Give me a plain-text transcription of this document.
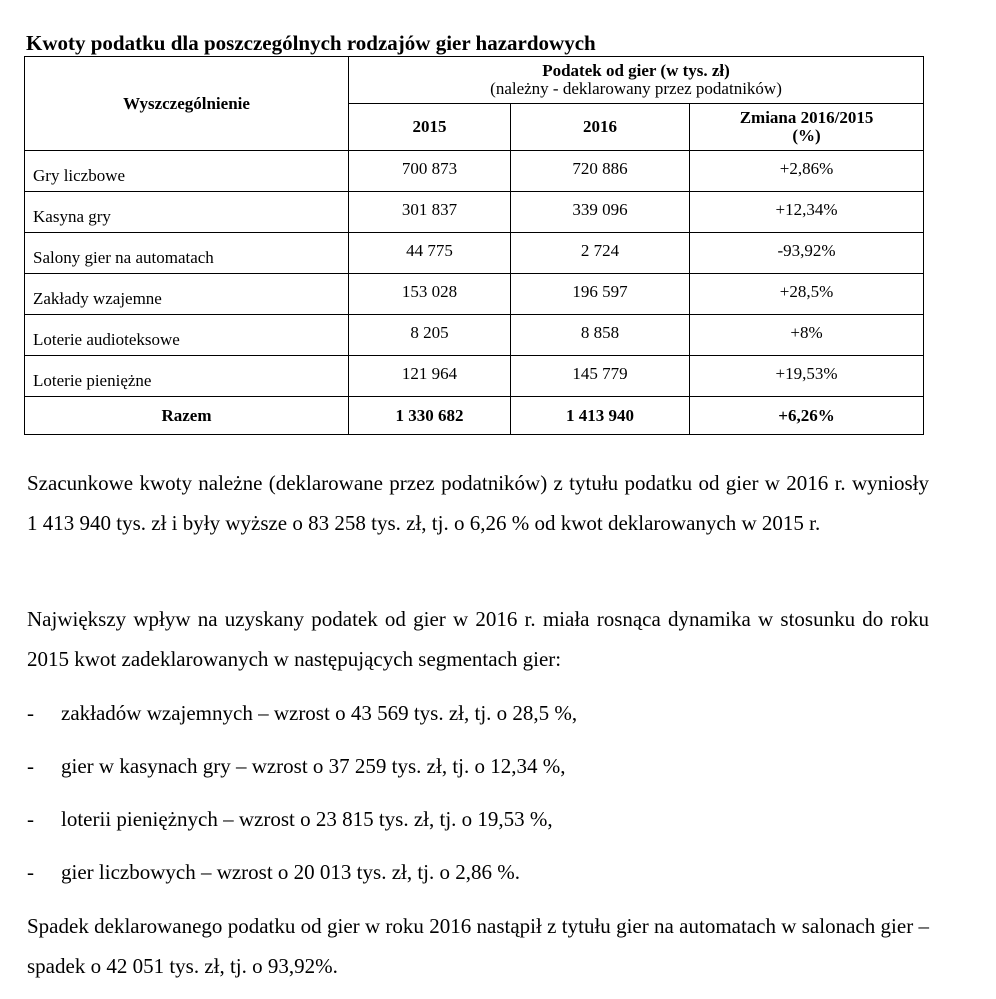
Kwoty podatku dla poszczególnych rodzajów gier hazardowych
Wyszczególnienie	Podatek od gier (w tys. zł)
(należny - deklarowany przez podatników)		

	2015	2016	Zmiana 2016/2015
(%)
Gry liczbowe	700 873	720 886	+2,86%
Kasyna gry	301 837	339 096	+12,34%
Salony gier na automatach	44 775	2 724	-93,92%
Zakłady wzajemne	153 028	196 597	+28,5%
Loterie audioteksowe	8 205	8 858	+8%
Loterie pieniężne	121 964	145 779	+19,53%
Razem	1 330 682	1 413 940	+6,26%

Szacunkowe kwoty należne (deklarowane przez podatników) z tytułu podatku od gier w 2016 r. wyniosły 1 413 940 tys. zł i były wyższe o 83 258 tys. zł, tj. o 6,26 % od kwot deklarowanych w 2015 r.

Największy wpływ na uzyskany podatek od gier w 2016 r. miała rosnąca dynamika w stosunku do roku 2015 kwot zadeklarowanych w następujących segmentach gier:

- zakładów wzajemnych – wzrost o 43 569 tys. zł, tj. o 28,5 %,
- gier w kasynach gry – wzrost o 37 259 tys. zł, tj. o 12,34 %,
- loterii pieniężnych – wzrost o 23 815 tys. zł, tj. o 19,53 %,
- gier liczbowych – wzrost o 20 013 tys. zł, tj. o 2,86 %.

Spadek deklarowanego podatku od gier w roku 2016 nastąpił z tytułu gier na automatach w salonach gier – spadek o 42 051 tys. zł, tj. o 93,92%.
